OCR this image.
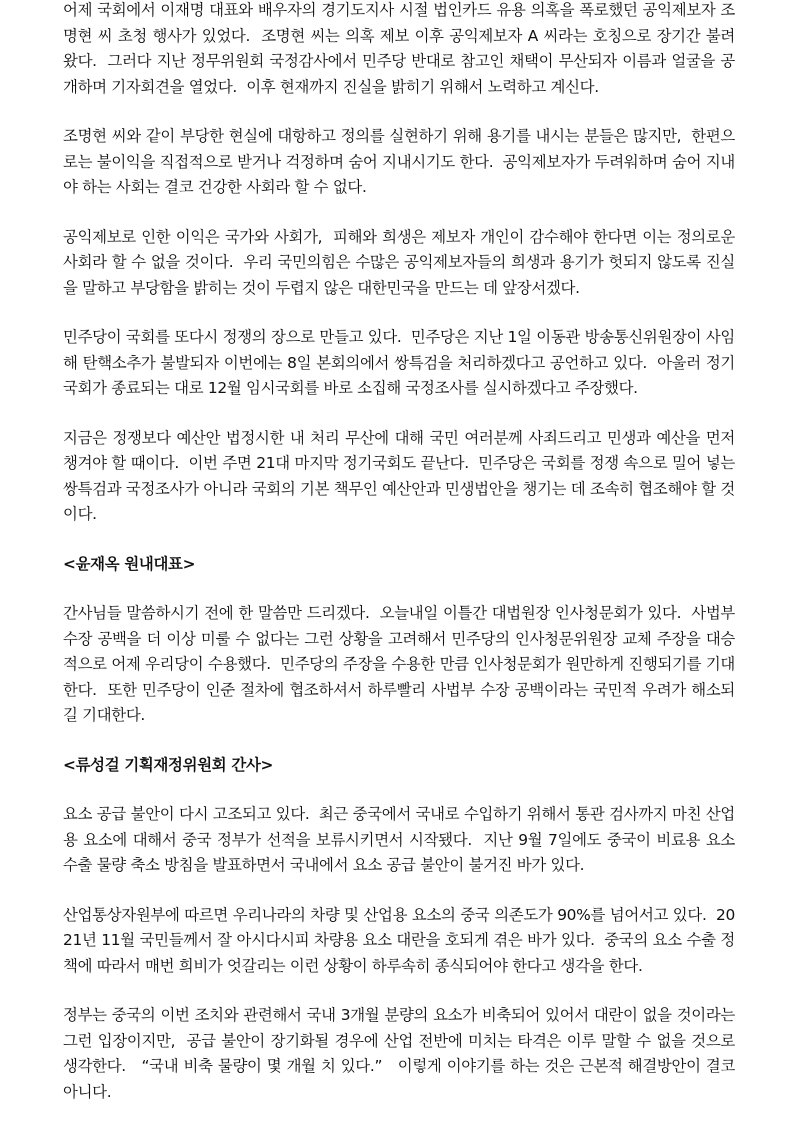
어제 국회에서 이재명 대표와 배우자의 경기도지사 시절 법인카드 유용 의혹을 폭로했던 공익제보자 조명현 씨 초청 행사가 있었다.  조명현 씨는 의혹 제보 이후 공익제보자 A 씨라는 호칭으로 장기간 불려 왔다.  그러다 지난 정무위원회 국정감사에서 민주당 반대로 참고인 채택이 무산되자 이름과 얼굴을 공개하며 기자회견을 열었다.  이후 현재까지 진실을 밝히기 위해서 노력하고 계신다.

조명현 씨와 같이 부당한 현실에 대항하고 정의를 실현하기 위해 용기를 내시는 분들은 많지만,  한편으로는 불이익을 직접적으로 받거나 걱정하며 숨어 지내시기도 한다.  공익제보자가 두려워하며 숨어 지내야 하는 사회는 결코 건강한 사회라 할 수 없다.

공익제보로 인한 이익은 국가와 사회가,  피해와 희생은 제보자 개인이 감수해야 한다면 이는 정의로운 사회라 할 수 없을 것이다.  우리 국민의힘은 수많은 공익제보자들의 희생과 용기가 헛되지 않도록 진실을 말하고 부당함을 밝히는 것이 두렵지 않은 대한민국을 만드는 데 앞장서겠다.

민주당이 국회를 또다시 정쟁의 장으로 만들고 있다.  민주당은 지난 1일 이동관 방송통신위원장이 사임해 탄핵소추가 불발되자 이번에는 8일 본회의에서 쌍특검을 처리하겠다고 공언하고 있다.  아울러 정기국회가 종료되는 대로 12월 임시국회를 바로 소집해 국정조사를 실시하겠다고 주장했다.

지금은 정쟁보다 예산안 법정시한 내 처리 무산에 대해 국민 여러분께 사죄드리고 민생과 예산을 먼저 챙겨야 할 때이다.  이번 주면 21대 마지막 정기국회도 끝난다.  민주당은 국회를 정쟁 속으로 밀어 넣는 쌍특검과 국정조사가 아니라 국회의 기본 책무인 예산안과 민생법안을 챙기는 데 조속히 협조해야 할 것이다.

<윤재옥 원내대표>

간사님들 말씀하시기 전에 한 말씀만 드리겠다.  오늘내일 이틀간 대법원장 인사청문회가 있다.  사법부 수장 공백을 더 이상 미룰 수 없다는 그런 상황을 고려해서 민주당의 인사청문위원장 교체 주장을 대승적으로 어제 우리당이 수용했다.  민주당의 주장을 수용한 만큼 인사청문회가 원만하게 진행되기를 기대한다.  또한 민주당이 인준 절차에 협조하셔서 하루빨리 사법부 수장 공백이라는 국민적 우려가 해소되길 기대한다.

<류성걸 기획재정위원회 간사>

요소 공급 불안이 다시 고조되고 있다.  최근 중국에서 국내로 수입하기 위해서 통관 검사까지 마친 산업용 요소에 대해서 중국 정부가 선적을 보류시키면서 시작됐다.  지난 9월 7일에도 중국이 비료용 요소 수출 물량 축소 방침을 발표하면서 국내에서 요소 공급 불안이 불거진 바가 있다.

산업통상자원부에 따르면 우리나라의 차량 및 산업용 요소의 중국 의존도가 90%를 넘어서고 있다.  2021년 11월 국민들께서 잘 아시다시피 차량용 요소 대란을 호되게 겪은 바가 있다.  중국의 요소 수출 정책에 따라서 매번 희비가 엇갈리는 이런 상황이 하루속히 종식되어야 한다고 생각을 한다.

정부는 중국의 이번 조치와 관련해서 국내 3개월 분량의 요소가 비축되어 있어서 대란이 없을 것이라는 그런 입장이지만,  공급 불안이 장기화될 경우에 산업 전반에 미치는 타격은 이루 말할 수 없을 것으로 생각한다.   “국내 비축 물량이 몇 개월 치 있다.”   이렇게 이야기를 하는 것은 근본적 해결방안이 결코 아니다.
